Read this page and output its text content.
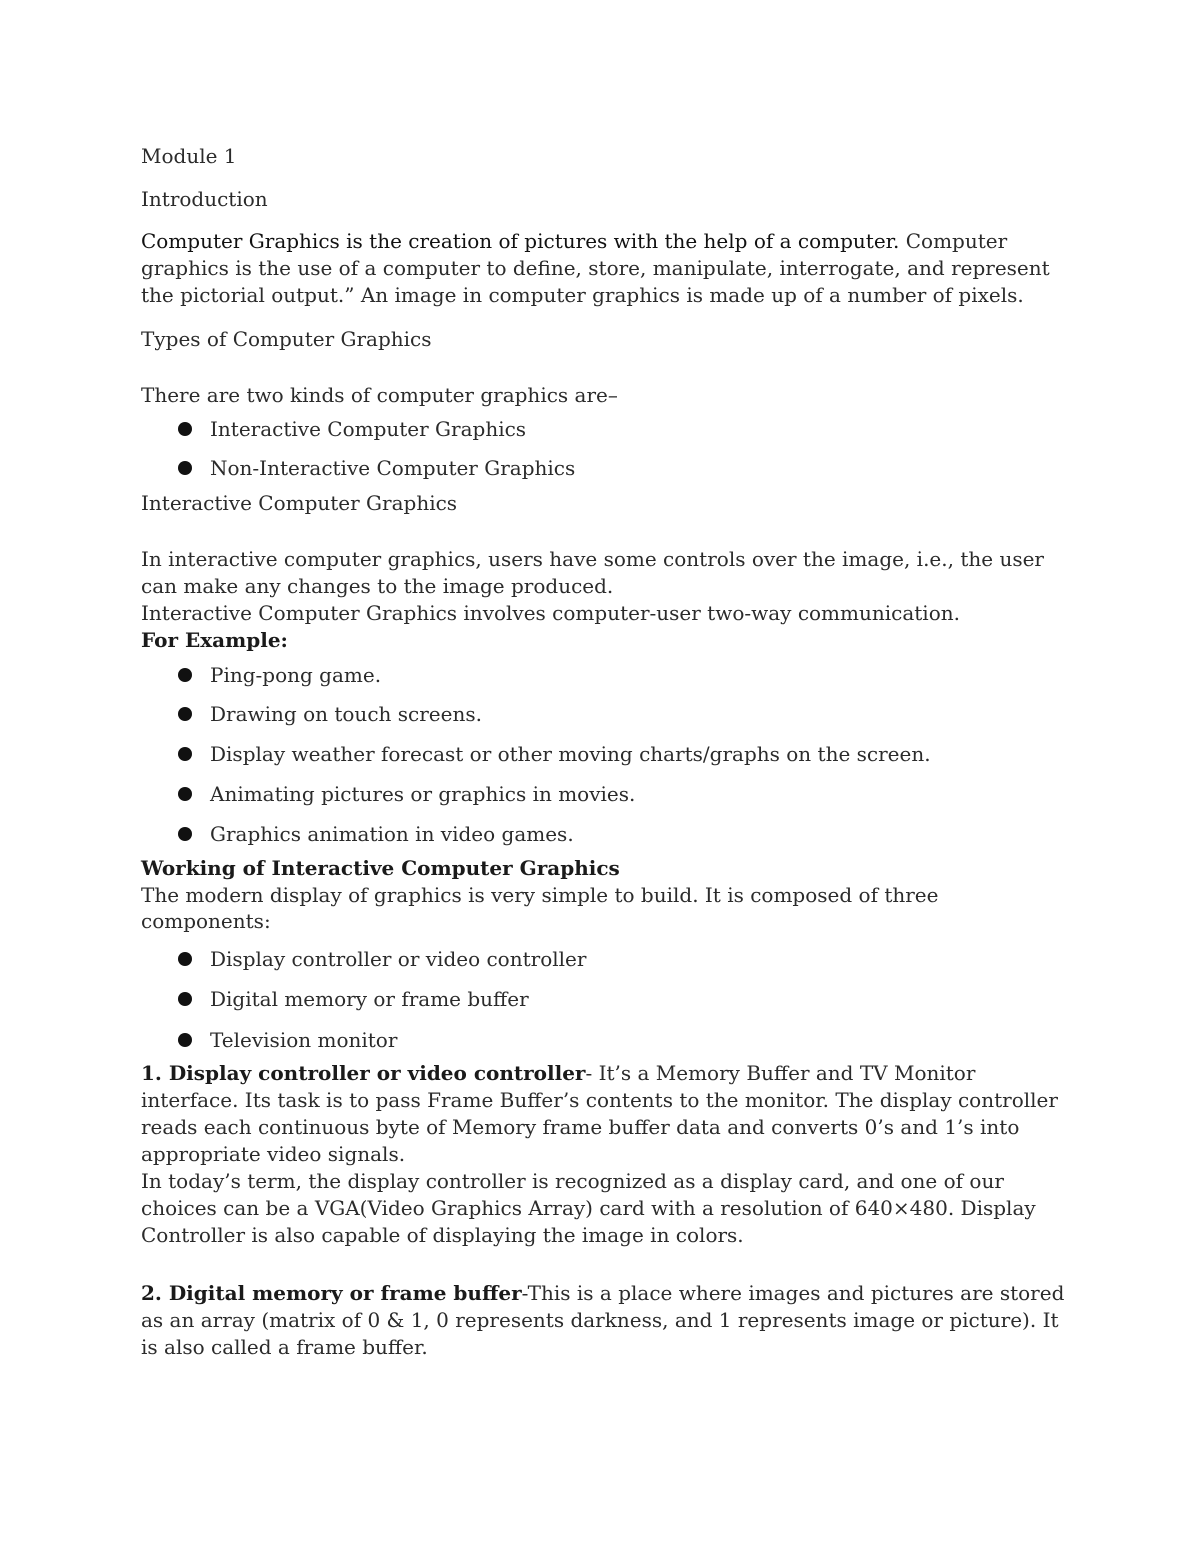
Module 1

Introduction

Computer Graphics is the creation of pictures with the help of a computer. Computer graphics is the use of a computer to define, store, manipulate, interrogate, and represent the pictorial output.” An image in computer graphics is made up of a number of pixels.

Types of Computer Graphics

There are two kinds of computer graphics are–

Interactive Computer Graphics
Non-Interactive Computer Graphics

Interactive Computer Graphics

In interactive computer graphics, users have some controls over the image, i.e., the user can make any changes to the image produced.
Interactive Computer Graphics involves computer-user two-way communication.

For Example:

Ping-pong game.
Drawing on touch screens.
Display weather forecast or other moving charts/graphs on the screen.
Animating pictures or graphics in movies.
Graphics animation in video games.

Working of Interactive Computer Graphics

The modern display of graphics is very simple to build. It is composed of three components:

Display controller or video controller
Digital memory or frame buffer
Television monitor

1. Display controller or video controller- It’s a Memory Buffer and TV Monitor interface. Its task is to pass Frame Buffer’s contents to the monitor. The display controller reads each continuous byte of Memory frame buffer data and converts 0’s and 1’s into appropriate video signals.
In today’s term, the display controller is recognized as a display card, and one of our choices can be a VGA(Video Graphics Array) card with a resolution of 640×480. Display Controller is also capable of displaying the image in colors.

2. Digital memory or frame buffer-This is a place where images and pictures are stored as an array (matrix of 0 & 1, 0 represents darkness, and 1 represents image or picture). It is also called a frame buffer.
